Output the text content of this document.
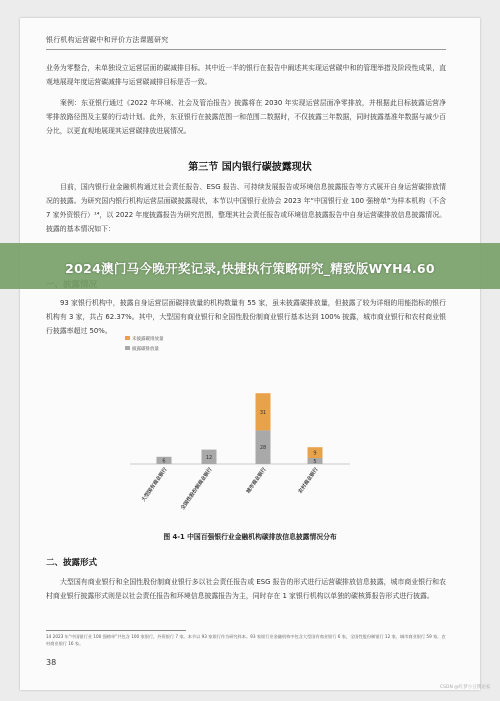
银行机构运营碳中和评价方法课题研究

业务为零整合，未单独设立运营层面的碳减排目标。其中近一半的银行在报告中阐述其实现运营碳中和的管理举措及阶段性成果，直观地展现年度运营碳减排与运营碳减排目标是否一致。

案例：东亚银行通过《2022 年环境、社会及管治报告》披露将在 2030 年实现运营层面净零排放，并根据此目标披露运营净零排放路径图及主要的行动计划。此外，东亚银行在披露范围一和范围二数据时，不仅披露三年数据，同时披露基准年数据与减少百分比，以更直观地展现其运营碳排放进展情况。

第三节 国内银行碳披露现状

目前，国内银行业金融机构通过社会责任报告、ESG 报告、可持续发展报告或环境信息披露报告等方式展开自身运营碳排放情况的披露。为研究国内银行机构运营层面碳披露现状，本节以中国银行业协会 2023 年“中国银行业 100 强榜单”为样本机构（不含 7 家外资银行）¹⁴，以 2022 年度披露报告为研究范围，整理其社会责任报告或环境信息披露报告中自身运营碳排放信息披露情况。披露的基本情况如下：

93 家银行机构中，披露自身运营层面碳排放量的机构数量有 55 家，虽未披露碳排放量，但披露了较为详细的用能指标的银行机构有 3 家，共占 62.37%。其中，大型国有商业银行和全国性股份制商业银行基本达到 100% 披露，城市商业银行和农村商业银行披露率超过 50%。

2024澳门马今晚开奖记录,快捷执行策略研究_精致版WYH4.60
未披露碳排放量
披露碳排放量
6
12
28
31
5
9
大型国有商业银行 全国性股份制商业银行	城市商业银行	农村商业银行
图 4-1 中国百强银行业金融机构碳排放信息披露情况分布
二、披露形式

大型国有商业银行和全国性股份制商业银行多以社会责任报告或 ESG 报告的形式进行运营碳排放信息披露，城市商业银行和农村商业银行披露形式则是以社会责任报告和环境信息披露报告为主，同时存在 1 家银行机构以单独的碳核算报告形式进行披露。

14 2023 年“中国银行业 100 强榜单”共包含 100 家银行，外资银行 7 家。本节以 93 家银行作为研究样本。93 家银行业金融机构中包含大型国有商业银行 6 家，全国性股份制银行 12 家，城市商业银行 59 家，农村商业银行 16 家。

38
CSDN @红梦小豆撰论家
